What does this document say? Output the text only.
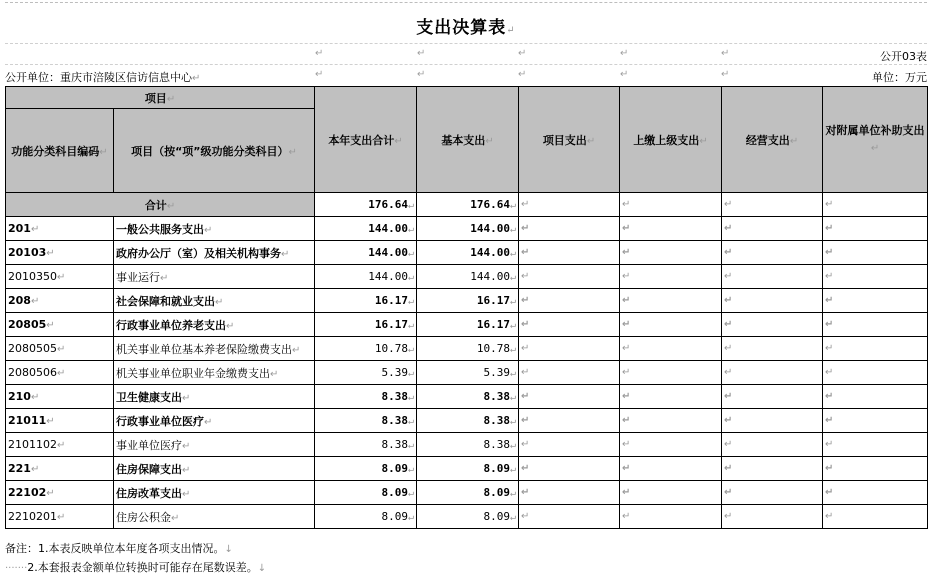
支出决算表↵
↵	↵	↵	↵	↵	公开03表
公开单位：重庆市涪陵区信访信息中心↵	↵	↵	↵	↵	↵	单位：万元
项目↵		本年支出合计↵	基本支出↵	项目支出↵	上缴上级支出↵	经营支出↵	对附属单位补助支出↵
功能分类科目编码↵	项目（按“项”级功能分类科目）↵						
合计↵		176.64↵	176.64↵	↵	↵	↵	↵
201↵	一般公共服务支出↵	144.00↵	144.00↵	↵	↵	↵	↵
20103↵	政府办公厅（室）及相关机构事务↵	144.00↵	144.00↵	↵	↵	↵	↵
2010350↵	事业运行↵	144.00↵	144.00↵	↵	↵	↵	↵
208↵	社会保障和就业支出↵	16.17↵	16.17↵	↵	↵	↵	↵
20805↵	行政事业单位养老支出↵	16.17↵	16.17↵	↵	↵	↵	↵
2080505↵	机关事业单位基本养老保险缴费支出↵	10.78↵	10.78↵	↵	↵	↵	↵
2080506↵	机关事业单位职业年金缴费支出↵	5.39↵	5.39↵	↵	↵	↵	↵
210↵	卫生健康支出↵	8.38↵	8.38↵	↵	↵	↵	↵
21011↵	行政事业单位医疗↵	8.38↵	8.38↵	↵	↵	↵	↵
2101102↵	事业单位医疗↵	8.38↵	8.38↵	↵	↵	↵	↵
221↵	住房保障支出↵	8.09↵	8.09↵	↵	↵	↵	↵
22102↵	住房改革支出↵	8.09↵	8.09↵	↵	↵	↵	↵
2210201↵	住房公积金↵	8.09↵	8.09↵	↵	↵	↵	↵
备注：1.本表反映单位本年度各项支出情况。↓
·······2.本套报表金额单位转换时可能存在尾数误差。↓
